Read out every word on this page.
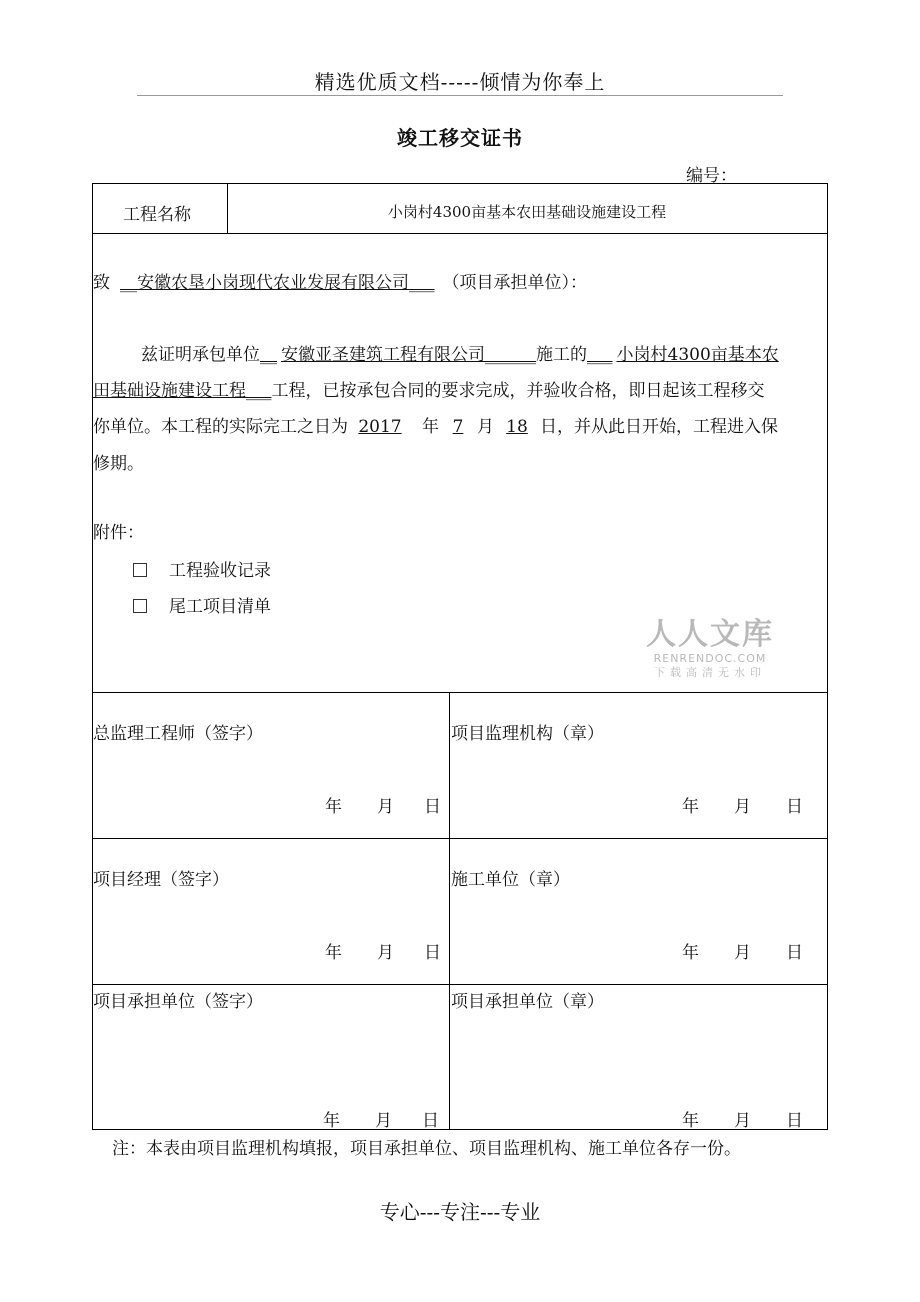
精选优质文档-----倾情为你奉上
竣工移交证书
编号：
工程名称	小岗村4300亩基本农田基础设施建设工程
致 __安徽农垦小岗现代农业发展有限公司___ （项目承担单位）：
兹证明承包单位__ 安徽亚圣建筑工程有限公司______施工的___ 小岗村4300亩基本农
田基础设施建设工程___工程，已按承包合同的要求完成，并验收合格，即日起该工程移交
你单位。本工程的实际完工之日为 2017 年 7 月 18 日，并从此日开始，工程进入保
修期。
附件：
工程验收记录
尾工项目清单
总监理工程师（签字）	项目监理机构（章）
年 月 日	年 月 日
项目经理（签字）	施工单位（章）
年 月 日	年 月 日
项目承担单位（签字）	项目承担单位（章）
年 月 日	年 月 日
人人文库
RENRENDOC.COM
下载高清无水印
注：本表由项目监理机构填报，项目承担单位、项目监理机构、施工单位各存一份。
专心---专注---专业
